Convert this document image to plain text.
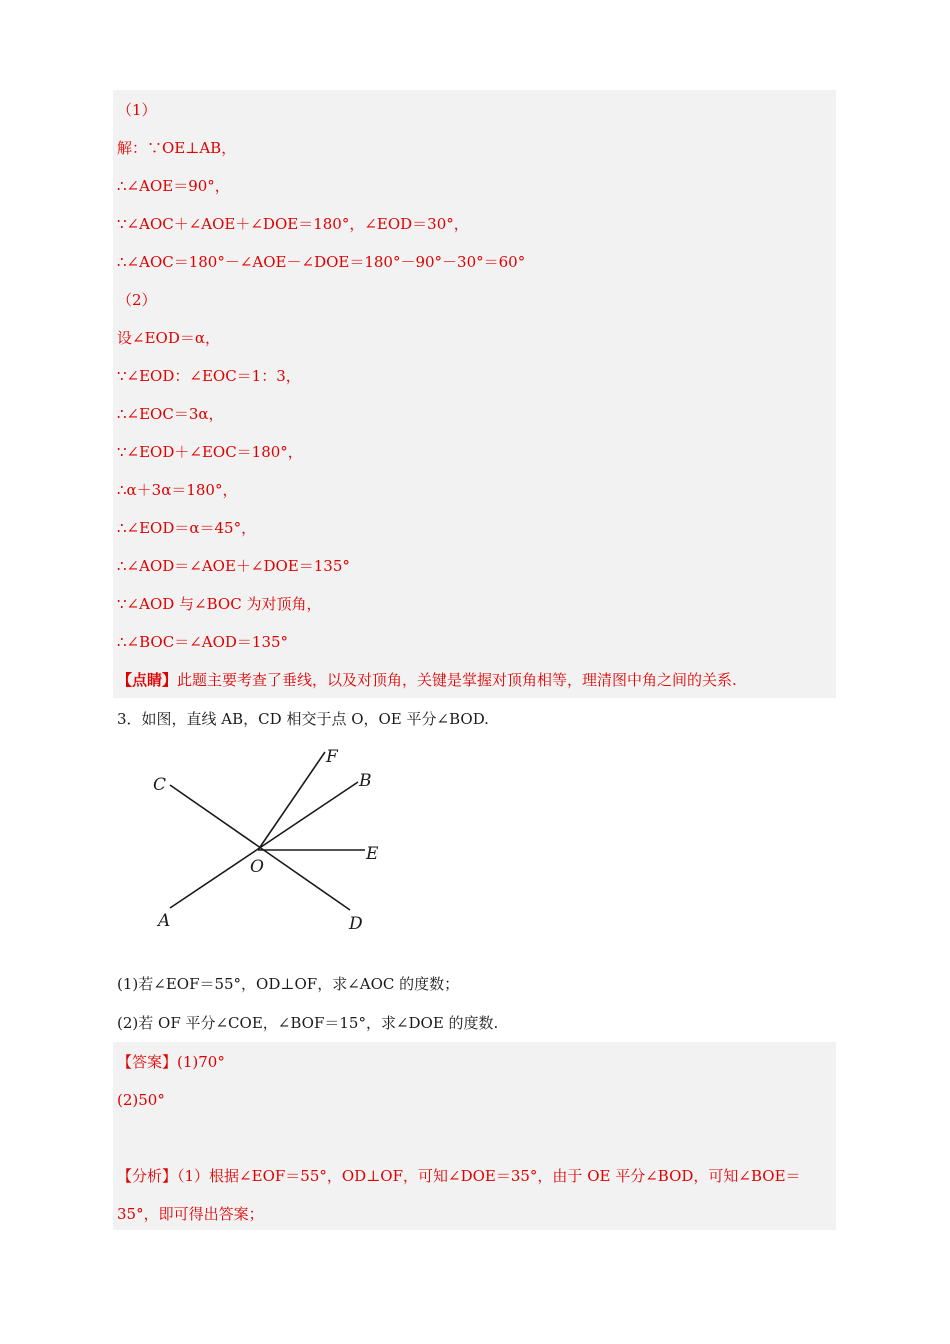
（1）
解：∵OE⊥AB，
∴∠AOE＝90°，
∵∠AOC＋∠AOE＋∠DOE＝180°，∠EOD＝30°，
∴∠AOC＝180°－∠AOE－∠DOE＝180°－90°－30°＝60°
（2）
设∠EOD＝α，
∵∠EOD：∠EOC＝1：3，
∴∠EOC＝3α，
∵∠EOD＋∠EOC＝180°，
∴α＋3α＝180°，
∴∠EOD＝α＝45°，
∴∠AOD＝∠AOE＋∠DOE＝135°
∵∠AOD 与∠BOC 为对顶角，
∴∠BOC＝∠AOD＝135°
【点睛】此题主要考查了垂线，以及对顶角，关键是掌握对顶角相等，理清图中角之间的关系.
3．如图，直线 AB，CD 相交于点 O，OE 平分∠BOD.
C
F
B
E
O
A	D
(1)若∠EOF＝55°，OD⊥OF，求∠AOC 的度数；
(2)若 OF 平分∠COE，∠BOF＝15°，求∠DOE 的度数.
【答案】(1)70°
(2)50°
【分析】（1）根据∠EOF＝55°，OD⊥OF，可知∠DOE＝35°，由于 OE 平分∠BOD，可知∠BOE＝
35°，即可得出答案；
